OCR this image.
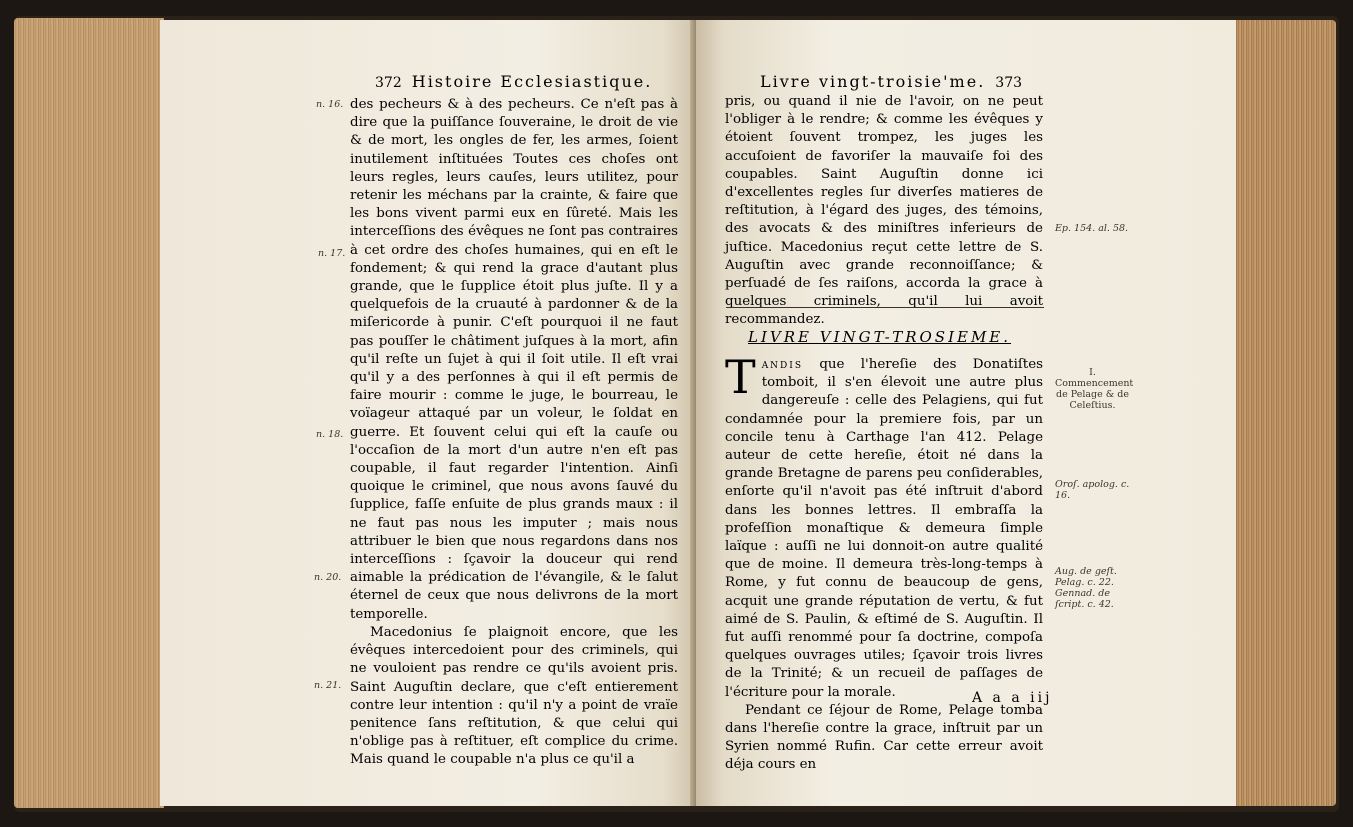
372 Histoire Ecclesiastique.

des pecheurs & à des pecheurs. Ce n'eſt pas à dire que la puiſſance ſouveraine, le droit de vie & de mort, les ongles de fer, les armes, ſoient inutilement inſtituées Toutes ces choſes ont leurs regles, leurs cauſes, leurs utilitez, pour retenir les méchans par la crainte, & faire que les bons vivent parmi eux en ſûreté. Mais les interceſſions des évêques ne ſont pas contraires à cet ordre des choſes humaines, qui en eſt le fondement; & qui rend la grace d'autant plus grande, que le ſupplice étoit plus juſte. Il y a quelquefois de la cruauté à pardonner & de la miſericorde à punir. C'eſt pourquoi il ne faut pas pouſſer le châtiment juſques à la mort, afin qu'il reſte un ſujet à qui il ſoit utile. Il eſt vrai qu'il y a des perſonnes à qui il eſt permis de faire mourir : comme le juge, le bourreau, le voïageur attaqué par un voleur, le ſoldat en guerre. Et ſouvent celui qui eſt la cauſe ou l'occaſion de la mort d'un autre n'en eſt pas coupable, il faut regarder l'intention. Ainſi quoique le criminel, que nous avons ſauvé du ſupplice, faſſe enſuite de plus grands maux : il ne faut pas nous les imputer ; mais nous attribuer le bien que nous regardons dans nos interceſſions : ſçavoir la douceur qui rend aimable la prédication de l'évangile, & le ſalut éternel de ceux que nous delivrons de la mort temporelle.

Macedonius ſe plaignoit encore, que les évêques intercedoient pour des criminels, qui ne vouloient pas rendre ce qu'ils avoient pris. Saint Auguſtin declare, que c'eſt entierement contre leur intention : qu'il n'y a point de vraïe penitence ſans reſtitution, & que celui qui n'oblige pas à reſtituer, eſt complice du crime. Mais quand le coupable n'a plus ce qu'il a

n. 16.
n. 17.
n. 18.
n. 20.
n. 21.
Livre vingt-troisie'me. 373

pris, ou quand il nie de l'avoir, on ne peut l'obliger à le rendre; & comme les évêques y étoient ſouvent trompez, les juges les accuſoient de favoriſer la mauvaiſe foi des coupables. Saint Auguſtin donne ici d'excellentes regles ſur diverſes matieres de reſtitution, à l'égard des juges, des témoins, des avocats & des miniſtres inferieurs de juſtice. Macedonius reçut cette lettre de S. Auguſtin avec grande reconnoiſſance; & perſuadé de ſes raiſons, accorda la grace à quelques criminels, qu'il lui avoit recommandez.

LIVRE VINGT-TROSIEME.

Tandis que l'hereſie des Donatiſtes tomboit, il s'en élevoit une autre plus dangereuſe : celle des Pelagiens, qui fut condamnée pour la premiere fois, par un concile tenu à Carthage l'an 412. Pelage auteur de cette hereſie, étoit né dans la grande Bretagne de parens peu conſiderables, enſorte qu'il n'avoit pas été inſtruit d'abord dans les bonnes lettres. Il embraſſa la profeſſion monaſtique & demeura ſimple laïque : auſſi ne lui donnoit-on autre qualité que de moine. Il demeura très-long-temps à Rome, y fut connu de beaucoup de gens, acquit une grande réputation de vertu, & fut aimé de S. Paulin, & eſtimé de S. Auguſtin. Il fut auſſi renommé pour ſa doctrine, compoſa quelques ouvrages utiles; ſçavoir trois livres de la Trinité; & un recueil de paſſages de l'écriture pour la morale.

Pendant ce ſéjour de Rome, Pelage tomba dans l'hereſie contre la grace, inſtruit par un Syrien nommé Rufin. Car cette erreur avoit déja cours en

A a a iij
Ep. 154. al. 58.
I. Commencement de Pelage & de Celeſtius.
Oroſ. apolog. c. 16.
Aug. de geſt. Pelag. c. 22. Gennad. de ſcript. c. 42.
